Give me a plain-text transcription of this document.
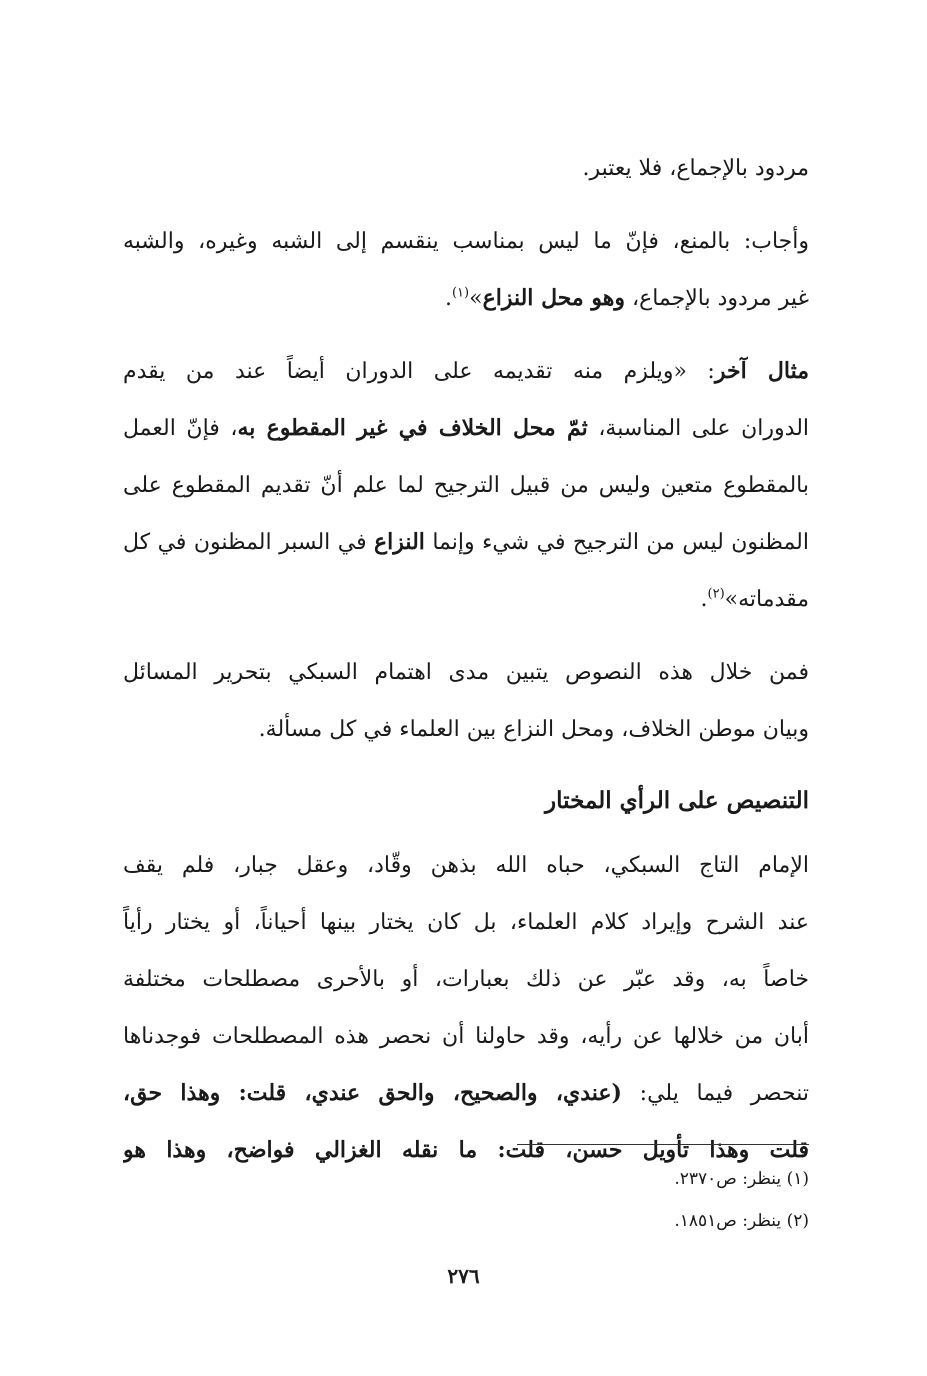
مردود بالإجماع، فلا يعتبر.
وأجاب: بالمنع، فإنّ ما ليس بمناسب ينقسم إلى الشبه وغيره، والشبه
غير مردود بالإجماع، وهو محل النزاع»$^{(١)}$.
مثال آخر: «ويلزم منه تقديمه على الدوران أيضاً عند من يقدم
الدوران على المناسبة، ثمّ محل الخلاف في غير المقطوع به، فإنّ العمل
بالمقطوع متعين وليس من قبيل الترجيح لما علم أنّ تقديم المقطوع على
المظنون ليس من الترجيح في شيء وإنما النزاع في السبر المظنون في كل
مقدماته»$^{(٢)}$.
فمن خلال هذه النصوص يتبين مدى اهتمام السبكي بتحرير المسائل
وبيان موطن الخلاف، ومحل النزاع بين العلماء في كل مسألة.
التنصيص على الرأي المختار
الإمام التاج السبكي، حباه الله بذهن وقّاد، وعقل جبار، فلم يقف
عند الشرح وإيراد كلام العلماء، بل كان يختار بينها أحياناً، أو يختار رأياً
خاصاً به، وقد عبّر عن ذلك بعبارات، أو بالأحرى مصطلحات مختلفة
أبان من خلالها عن رأيه، وقد حاولنا أن نحصر هذه المصطلحات فوجدناها
تنحصر فيما يلي: (عندي، والصحيح، والحق عندي، قلت: وهذا حق،
قلت وهذا تأويل حسن، قلت: ما نقله الغزالي فواضح، وهذا هو
(١) ينظر: ص٢٣٧٠.
(٢) ينظر: ص١٨٥١.
٢٧٦
